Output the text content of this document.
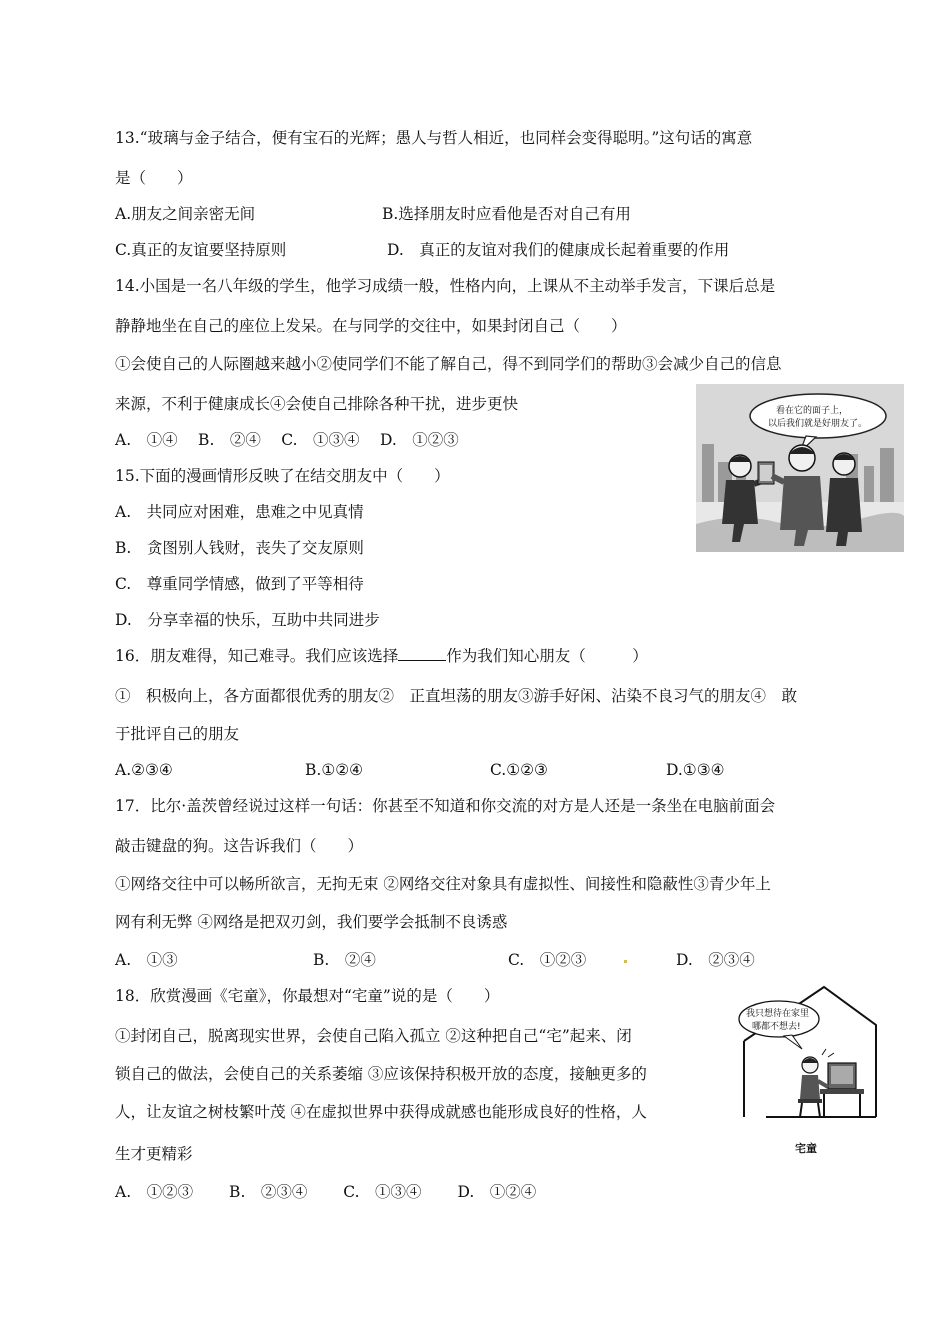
13.“玻璃与金子结合，便有宝石的光辉；愚人与哲人相近，也同样会变得聪明。”这句话的寓意
是（　　）
A.朋友之间亲密无间	B.选择朋友时应看他是否对自己有用
C.真正的友谊要坚持原则	D.　真正的友谊对我们的健康成长起着重要的作用
14.小国是一名八年级的学生，他学习成绩一般，性格内向，上课从不主动举手发言，下课后总是
静静地坐在自己的座位上发呆。在与同学的交往中，如果封闭自己（　　）
①会使自己的人际圈越来越小②使同学们不能了解自己，得不到同学们的帮助③会减少自己的信息
来源，不利于健康成长④会使自己排除各种干扰，进步更快
A.　①④　 B.　②④　 C.　①③④　 D.　①②③
看在它的面子上，
以后我们就是好朋友了。
15.下面的漫画情形反映了在结交朋友中（　　）
A.　共同应对困难，患难之中见真情
B.　贪图别人钱财，丧失了交友原则
C.　尊重同学情感，做到了平等相待
D.　分享幸福的快乐，互助中共同进步
16．朋友难得，知己难寻。我们应该选择	作为我们知心朋友（　　　）
①　积极向上，各方面都很优秀的朋友②　正直坦荡的朋友③游手好闲、沾染不良习气的朋友④　敢
于批评自己的朋友
A.②③④	B.①②④	C.①②③	D.①③④
17．比尔·盖茨曾经说过这样一句话：你甚至不知道和你交流的对方是人还是一条坐在电脑前面会
敲击键盘的狗。这告诉我们（　　）
①网络交往中可以畅所欲言，无拘无束 ②网络交往对象具有虚拟性、间接性和隐蔽性③青少年上
网有利无弊 ④网络是把双刃剑，我们要学会抵制不良诱惑
A.　①③	B.　②④	C.　①②③	D.　②③④
18．欣赏漫画《宅童》，你最想对“宅童”说的是（　　）
①封闭自己，脱离现实世界，会使自己陷入孤立 ②这种把自己“宅”起来、闭
锁自己的做法，会使自己的关系萎缩 ③应该保持积极开放的态度，接触更多的
人，让友谊之树枝繁叶茂 ④在虚拟世界中获得成就感也能形成良好的性格，人
生才更精彩
A.　①②③　　 B.　②③④　　 C.　①③④　　 D.　①②④
我只想待在家里
哪都不想去!
宅童
